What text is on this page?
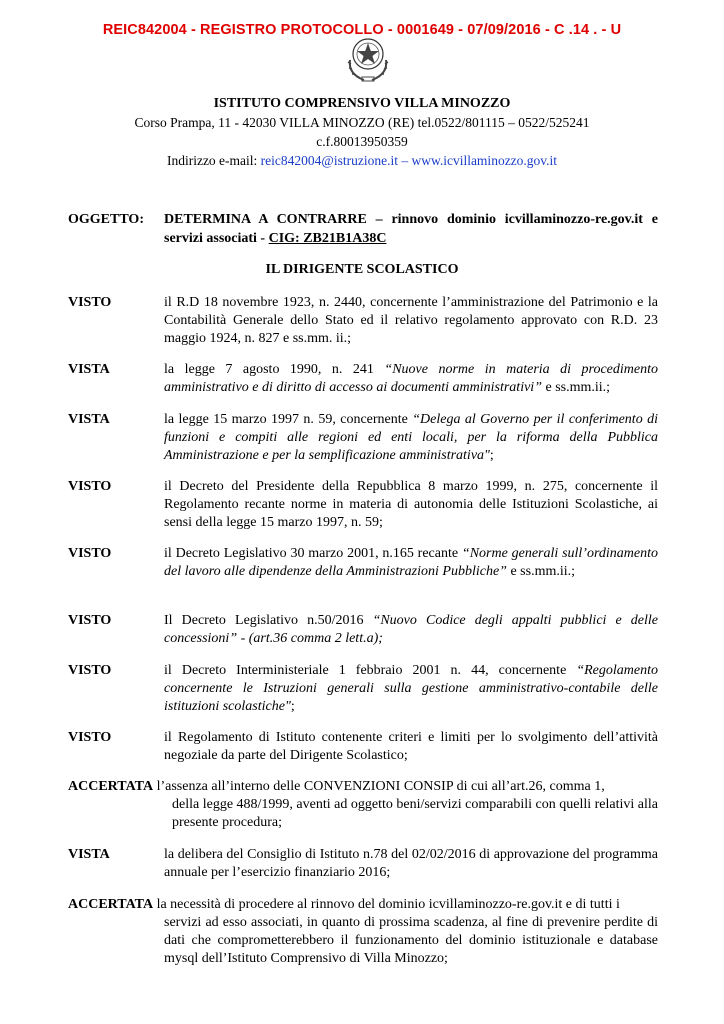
REIC842004 - REGISTRO PROTOCOLLO - 0001649 - 07/09/2016 - C .14 . - U
ISTITUTO COMPRENSIVO VILLA MINOZZO
Corso Prampa, 11 - 42030 VILLA MINOZZO (RE) tel.0522/801115 – 0522/525241
c.f.80013950359
Indirizzo e-mail: reic842004@istruzione.it – www.icvillaminozzo.gov.it
OGGETTO: DETERMINA A CONTRARRE – rinnovo dominio icvillaminozzo-re.gov.it e servizi associati - CIG: ZB21B1A38C
IL DIRIGENTE SCOLASTICO
VISTO	il R.D 18 novembre 1923, n. 2440, concernente l’amministrazione del Patrimonio e la Contabilità Generale dello Stato ed il relativo regolamento approvato con R.D. 23 maggio 1924, n. 827 e ss.mm. ii.;
VISTA	la legge 7 agosto 1990, n. 241 “Nuove norme in materia di procedimento amministrativo e di diritto di accesso ai documenti amministrativi” e ss.mm.ii.;
VISTA	la legge 15 marzo 1997 n. 59, concernente “Delega al Governo per il conferimento di funzioni e compiti alle regioni ed enti locali, per la riforma della Pubblica Amministrazione e per la semplificazione amministrativa";
VISTO	il Decreto del Presidente della Repubblica 8 marzo 1999, n. 275, concernente il Regolamento recante norme in materia di autonomia delle Istituzioni Scolastiche, ai sensi della legge 15 marzo 1997, n. 59;
VISTO	il Decreto Legislativo 30 marzo 2001, n.165 recante “Norme generali sull’ordinamento del lavoro alle dipendenze della Amministrazioni Pubbliche” e ss.mm.ii.;
VISTO	Il Decreto Legislativo n.50/2016 “Nuovo Codice degli appalti pubblici e delle concessioni” - (art.36 comma 2 lett.a);
VISTO	il Decreto Interministeriale 1 febbraio 2001 n. 44, concernente “Regolamento concernente le Istruzioni generali sulla gestione amministrativo-contabile delle istituzioni scolastiche";
VISTO	il Regolamento di Istituto contenente criteri e limiti per lo svolgimento dell’attività negoziale da parte del Dirigente Scolastico;
ACCERTATA l’assenza all’interno delle CONVENZIONI CONSIP di cui all’art.26, comma 1,
della legge 488/1999, aventi ad oggetto beni/servizi comparabili con quelli relativi alla presente procedura;
VISTA	la delibera del Consiglio di Istituto n.78 del 02/02/2016 di approvazione del programma annuale per l’esercizio finanziario 2016;
ACCERTATA la necessità di procedere al rinnovo del dominio icvillaminozzo-re.gov.it e di tutti i
servizi ad esso associati, in quanto di prossima scadenza, al fine di prevenire perdite di dati che comprometterebbero il funzionamento del dominio istituzionale e database mysql dell’Istituto Comprensivo di Villa Minozzo;
